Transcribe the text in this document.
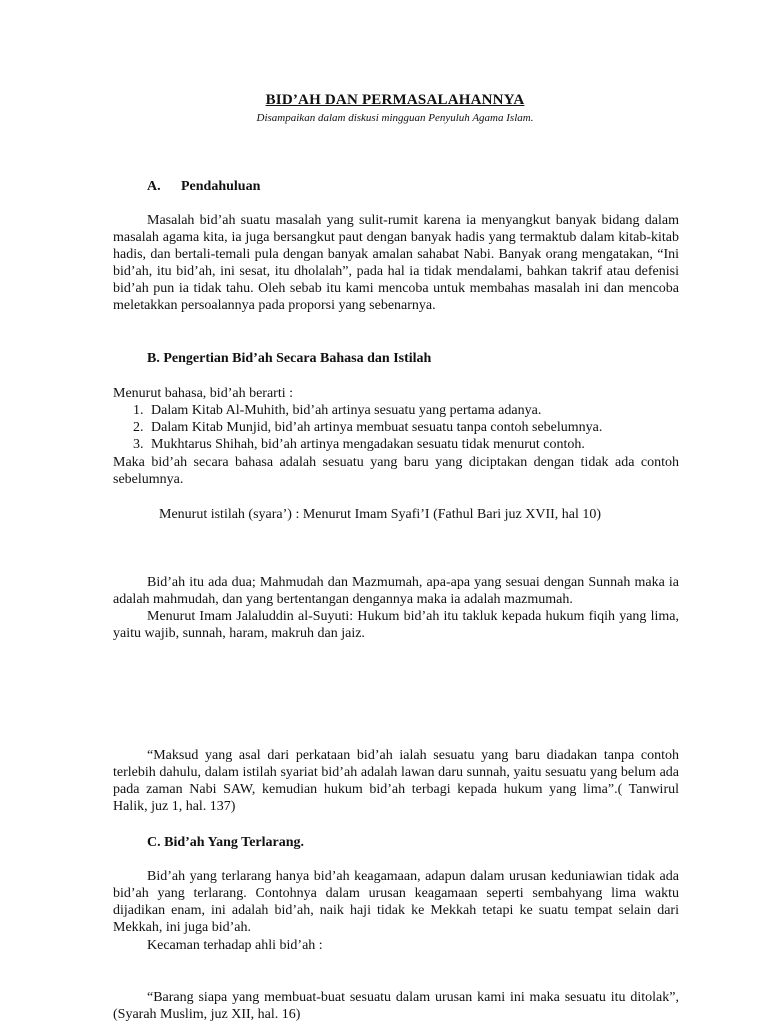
BID’AH DAN PERMASALAHANNYA
Disampaikan dalam diskusi mingguan Penyuluh Agama Islam.
A. Pendahuluan

Masalah bid’ah suatu masalah yang sulit-rumit karena ia menyangkut banyak bidang dalam masalah agama kita, ia juga bersangkut paut dengan banyak hadis yang termaktub dalam kitab-kitab hadis, dan bertali-temali pula dengan banyak amalan sahabat Nabi. Banyak orang mengatakan, “Ini bid’ah, itu bid’ah, ini sesat, itu dholalah”, pada hal ia tidak mendalami, bahkan takrif atau defenisi bid’ah pun ia tidak tahu. Oleh sebab itu kami mencoba untuk membahas masalah ini dan mencoba meletakkan persoalannya pada proporsi yang sebenarnya.

B. Pengertian Bid’ah Secara Bahasa dan Istilah

Menurut bahasa, bid’ah berarti :

1. Dalam Kitab Al-Muhith, bid’ah artinya sesuatu yang pertama adanya.
2. Dalam Kitab Munjid, bid’ah artinya membuat sesuatu tanpa contoh sebelumnya.
3. Mukhtarus Shihah, bid’ah artinya mengadakan sesuatu tidak menurut contoh.

Maka bid’ah secara bahasa adalah sesuatu yang baru yang diciptakan dengan tidak ada contoh sebelumnya.

Menurut istilah (syara’) : Menurut Imam Syafi’I (Fathul Bari juz XVII, hal 10)

Bid’ah itu ada dua; Mahmudah dan Mazmumah, apa-apa yang sesuai dengan Sunnah maka ia adalah mahmudah, dan yang bertentangan dengannya maka ia adalah mazmumah.

Menurut Imam Jalaluddin al-Suyuti: Hukum bid’ah itu takluk kepada hukum fiqih yang lima, yaitu wajib, sunnah, haram, makruh dan jaiz.

“Maksud yang asal dari perkataan bid’ah ialah sesuatu yang baru diadakan tanpa contoh terlebih dahulu, dalam istilah syariat bid’ah adalah lawan daru sunnah, yaitu sesuatu yang belum ada pada zaman Nabi SAW, kemudian hukum bid’ah terbagi kepada hukum yang lima”.( Tanwirul Halik, juz 1, hal. 137)

C. Bid’ah Yang Terlarang.

Bid’ah yang terlarang hanya bid’ah keagamaan, adapun dalam urusan keduniawian tidak ada bid’ah yang terlarang. Contohnya dalam urusan keagamaan seperti sembahyang lima waktu dijadikan enam, ini adalah bid’ah, naik haji tidak ke Mekkah tetapi ke suatu tempat selain dari Mekkah, ini juga bid’ah.

Kecaman terhadap ahli bid’ah :

“Barang siapa yang membuat-buat sesuatu dalam urusan kami ini maka sesuatu itu ditolak”, (Syarah Muslim, juz XII, hal. 16)
